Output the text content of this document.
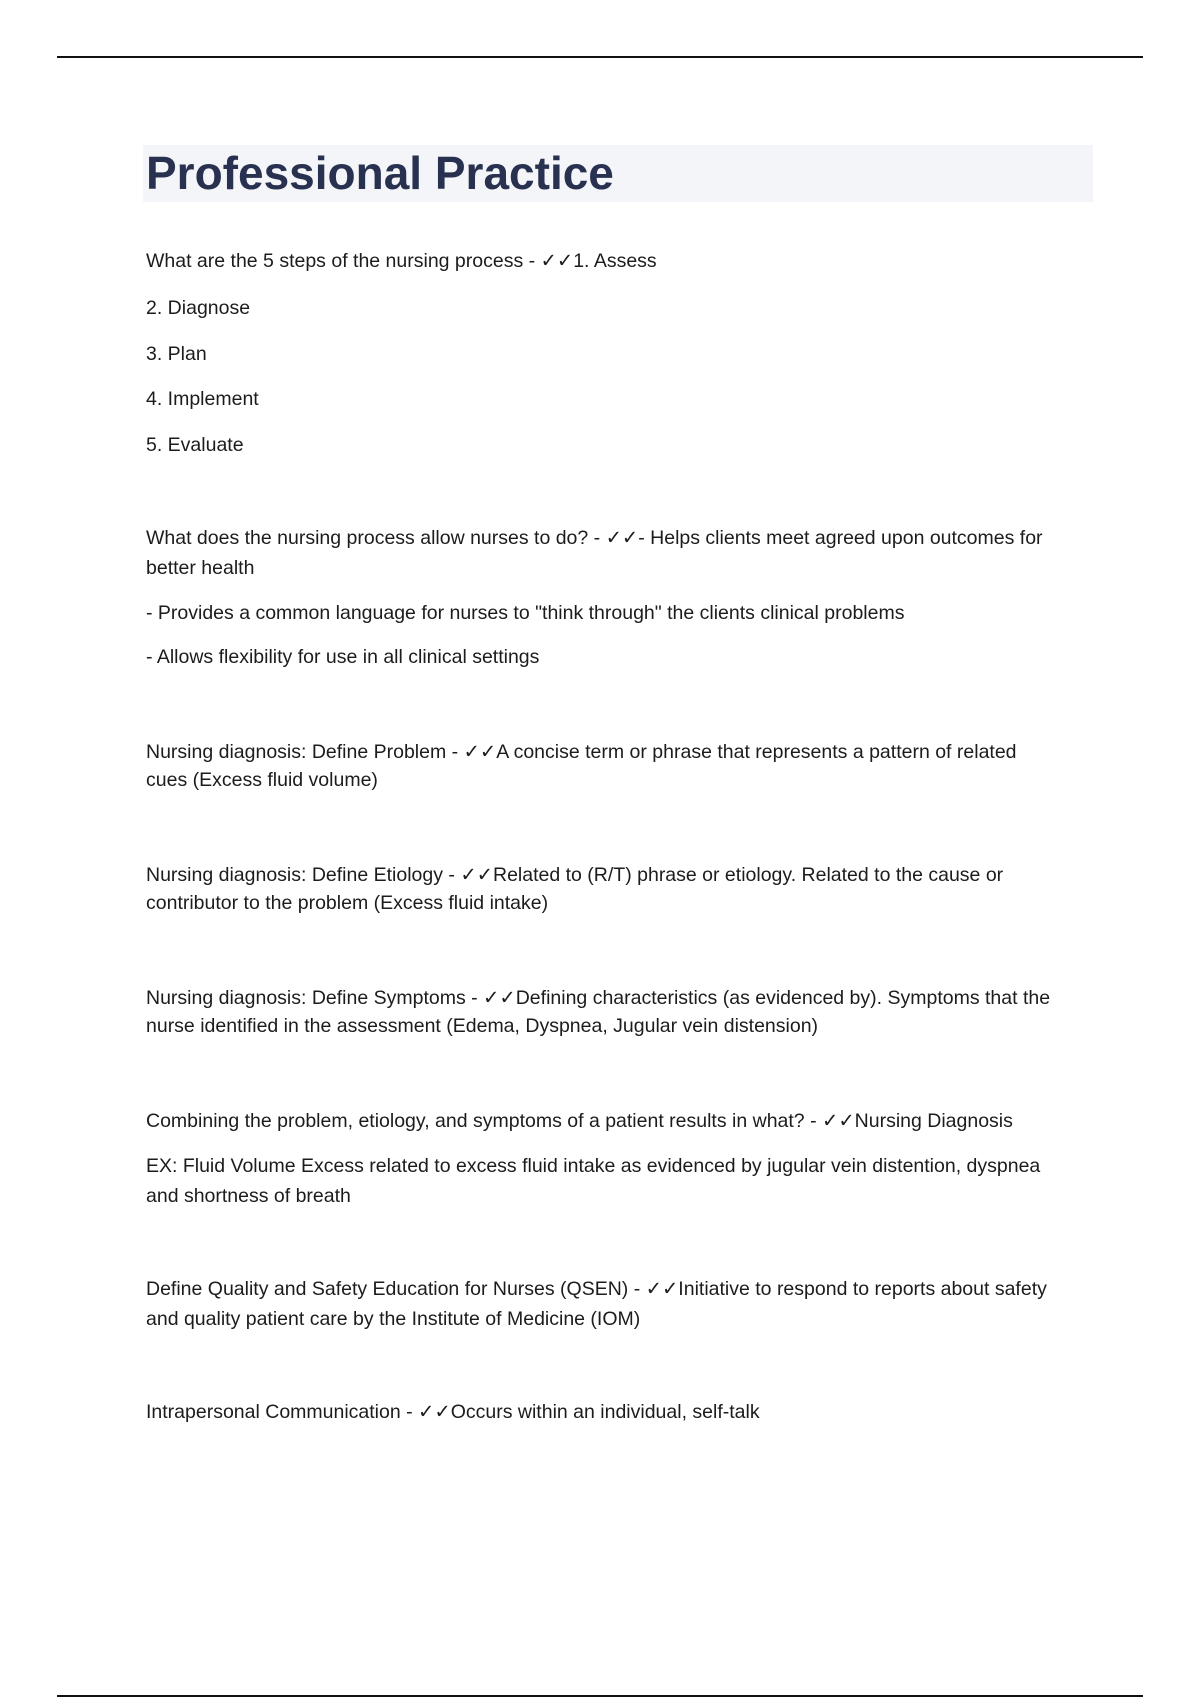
Professional Practice

What are the 5 steps of the nursing process - ✓✓1. Assess

2. Diagnose

3. Plan

4. Implement

5. Evaluate

What does the nursing process allow nurses to do? - ✓✓- Helps clients meet agreed upon outcomes for

better health

- Provides a common language for nurses to "think through" the clients clinical problems

- Allows flexibility for use in all clinical settings

Nursing diagnosis: Define Problem - ✓✓A concise term or phrase that represents a pattern of related

cues (Excess fluid volume)

Nursing diagnosis: Define Etiology - ✓✓Related to (R/T) phrase or etiology. Related to the cause or

contributor to the problem (Excess fluid intake)

Nursing diagnosis: Define Symptoms - ✓✓Defining characteristics (as evidenced by). Symptoms that the

nurse identified in the assessment (Edema, Dyspnea, Jugular vein distension)

Combining the problem, etiology, and symptoms of a patient results in what? - ✓✓Nursing Diagnosis

EX: Fluid Volume Excess related to excess fluid intake as evidenced by jugular vein distention, dyspnea

and shortness of breath

Define Quality and Safety Education for Nurses (QSEN) - ✓✓Initiative to respond to reports about safety

and quality patient care by the Institute of Medicine (IOM)

Intrapersonal Communication - ✓✓Occurs within an individual, self-talk
